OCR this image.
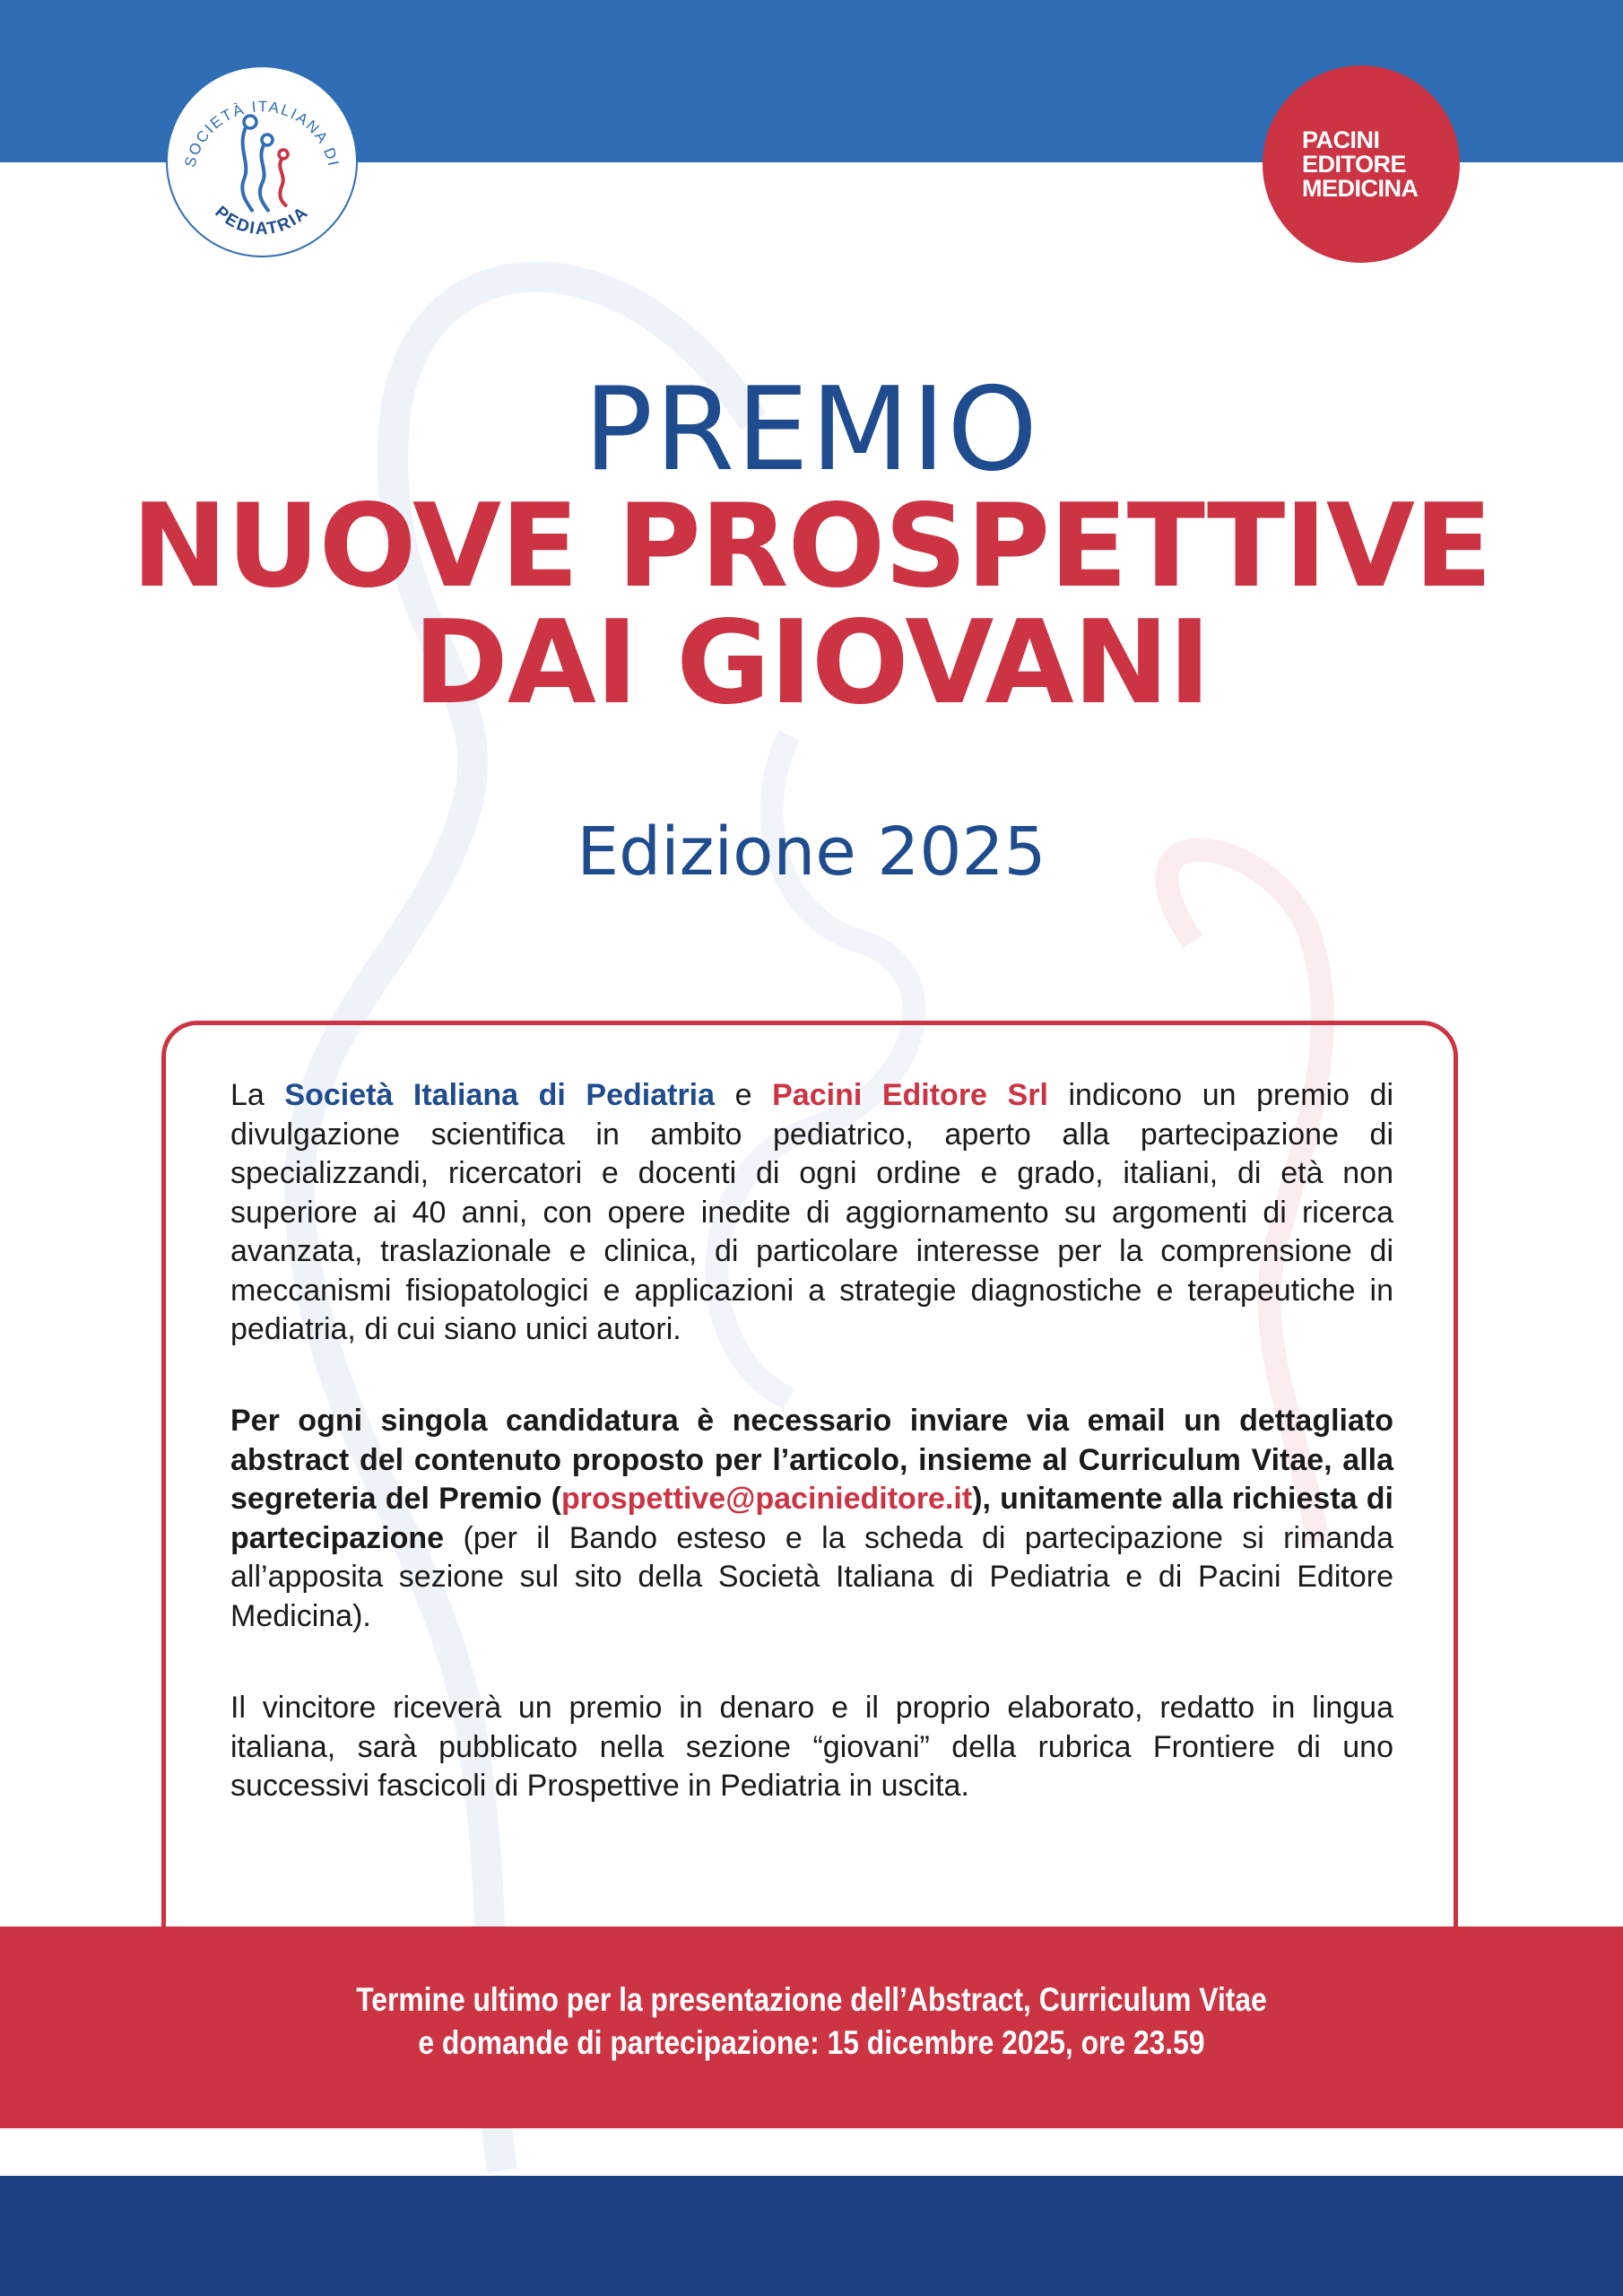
SOCIETÀ ITALIANA DI
PEDIATRIA
PACINI
EDITORE
MEDICINA
PREMIO
NUOVE PROSPETTIVE
DAI GIOVANI
Edizione 2025
La Società Italiana di Pediatria e Pacini Editore Srl indicono un premio di divulgazione scientifica in ambito pediatrico, aperto alla partecipazione di specializzandi, ricercatori e docenti di ogni ordine e grado, italiani, di età non superiore ai 40 anni, con opere inedite di aggiornamento su argomenti di ricerca avanzata, traslazionale e clinica, di particolare interesse per la comprensione di meccanismi fisiopatologici e applicazioni a strategie diagnostiche e terapeutiche in pediatria, di cui siano unici autori.
Per ogni singola candidatura è necessario inviare via email un dettagliato abstract del contenuto proposto per l’articolo, insieme al Curriculum Vitae, alla segreteria del Premio (prospettive@pacinieditore.it), unitamente alla richiesta di partecipazione (per il Bando esteso e la scheda di partecipazione si rimanda all’apposita sezione sul sito della Società Italiana di Pediatria e di Pacini Editore Medicina).
Il vincitore riceverà un premio in denaro e il proprio elaborato, redatto in lingua italiana, sarà pubblicato nella sezione “giovani” della rubrica Frontiere di uno successivi fascicoli di Prospettive in Pediatria in uscita.
Termine ultimo per la presentazione dell’Abstract, Curriculum Vitae
e domande di partecipazione: 15 dicembre 2025, ore 23.59
